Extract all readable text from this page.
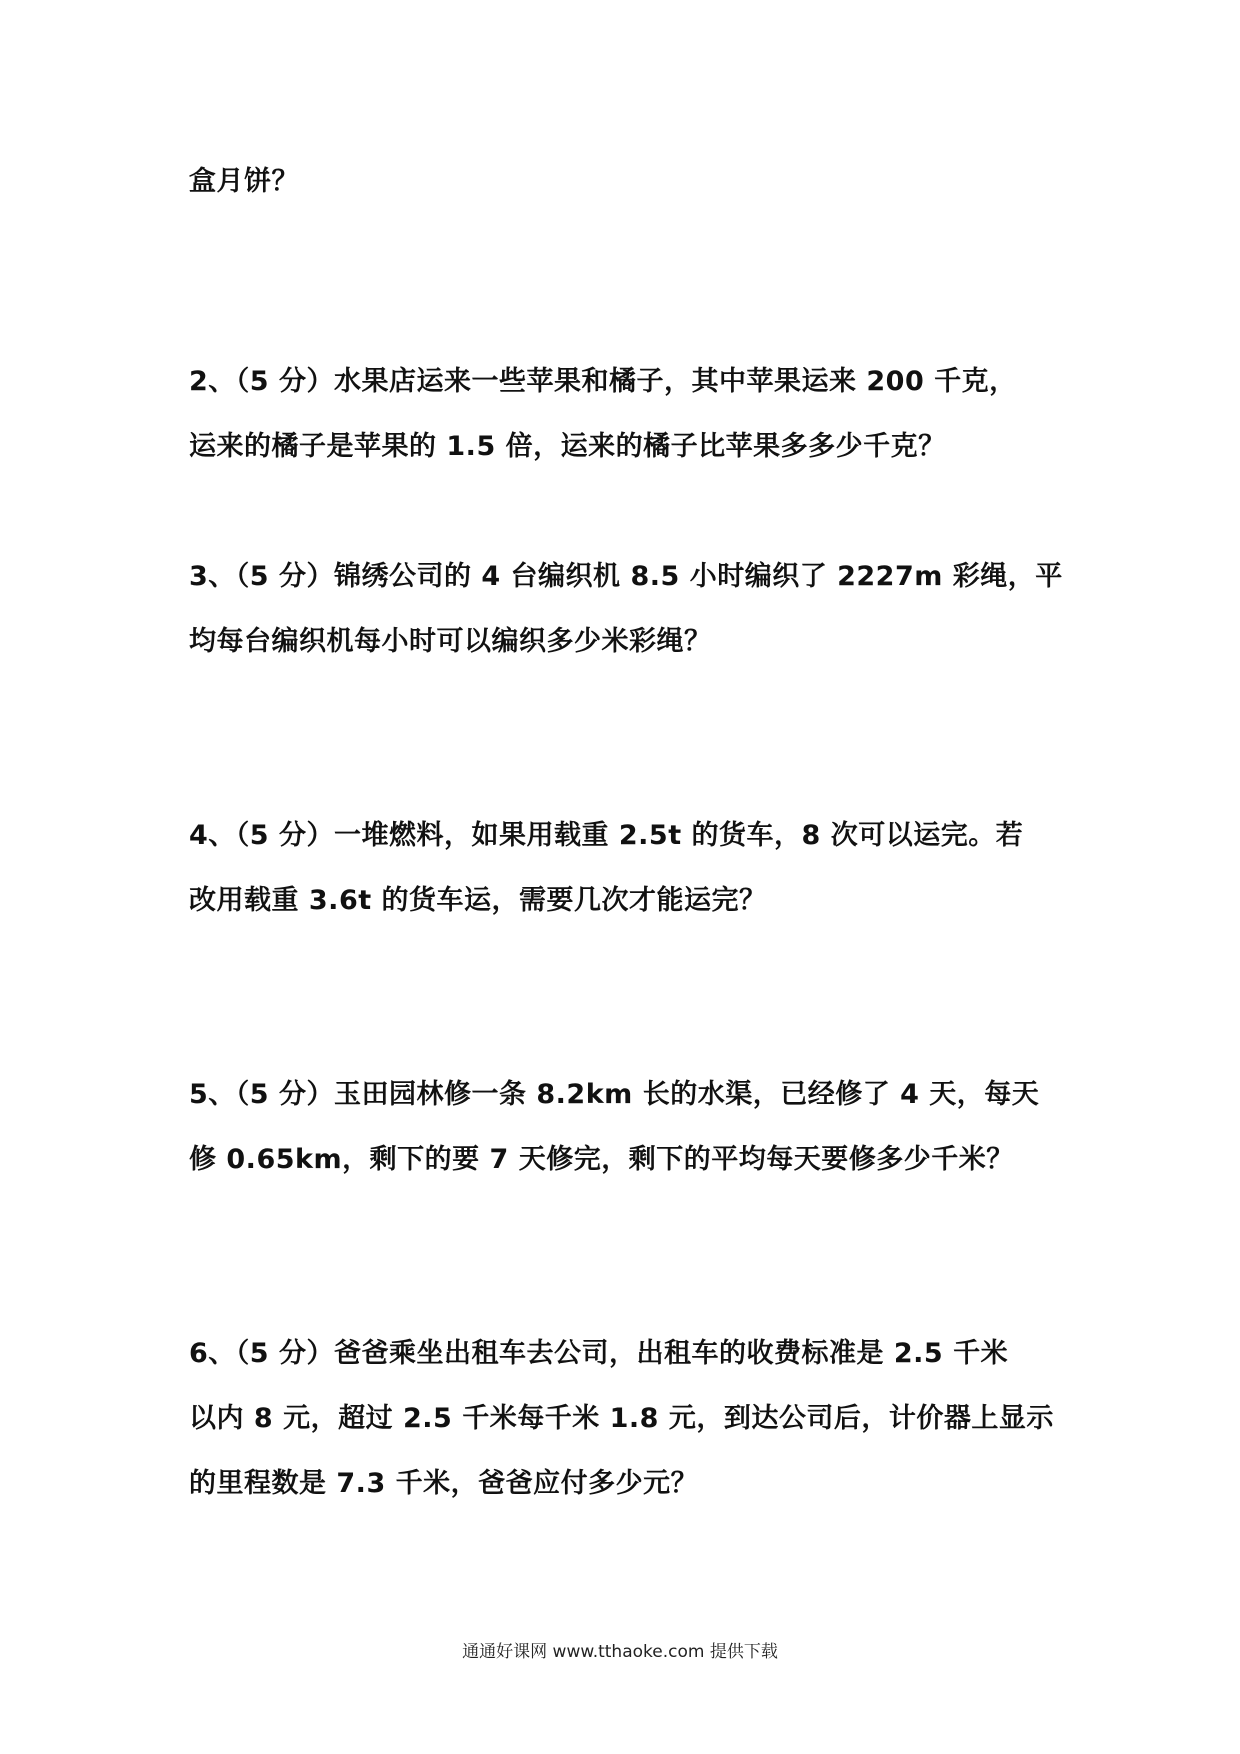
盒月饼？

2、（5 分）水果店运来一些苹果和橘子，其中苹果运来 200 千克，

运来的橘子是苹果的 1.5 倍，运来的橘子比苹果多多少千克？

3、（5 分）锦绣公司的 4 台编织机 8.5 小时编织了 2227m 彩绳，平

均每台编织机每小时可以编织多少米彩绳？

4、（5 分）一堆燃料，如果用载重 2.5t 的货车，8 次可以运完。若

改用载重 3.6t 的货车运，需要几次才能运完？

5、（5 分）玉田园林修一条 8.2km 长的水渠，已经修了 4 天，每天

修 0.65km，剩下的要 7 天修完，剩下的平均每天要修多少千米？

6、（5 分）爸爸乘坐出租车去公司，出租车的收费标准是 2.5 千米

以内 8 元，超过 2.5 千米每千米 1.8 元，到达公司后，计价器上显示

的里程数是 7.3 千米，爸爸应付多少元？

通通好课网 www.tthaoke.com 提供下载
